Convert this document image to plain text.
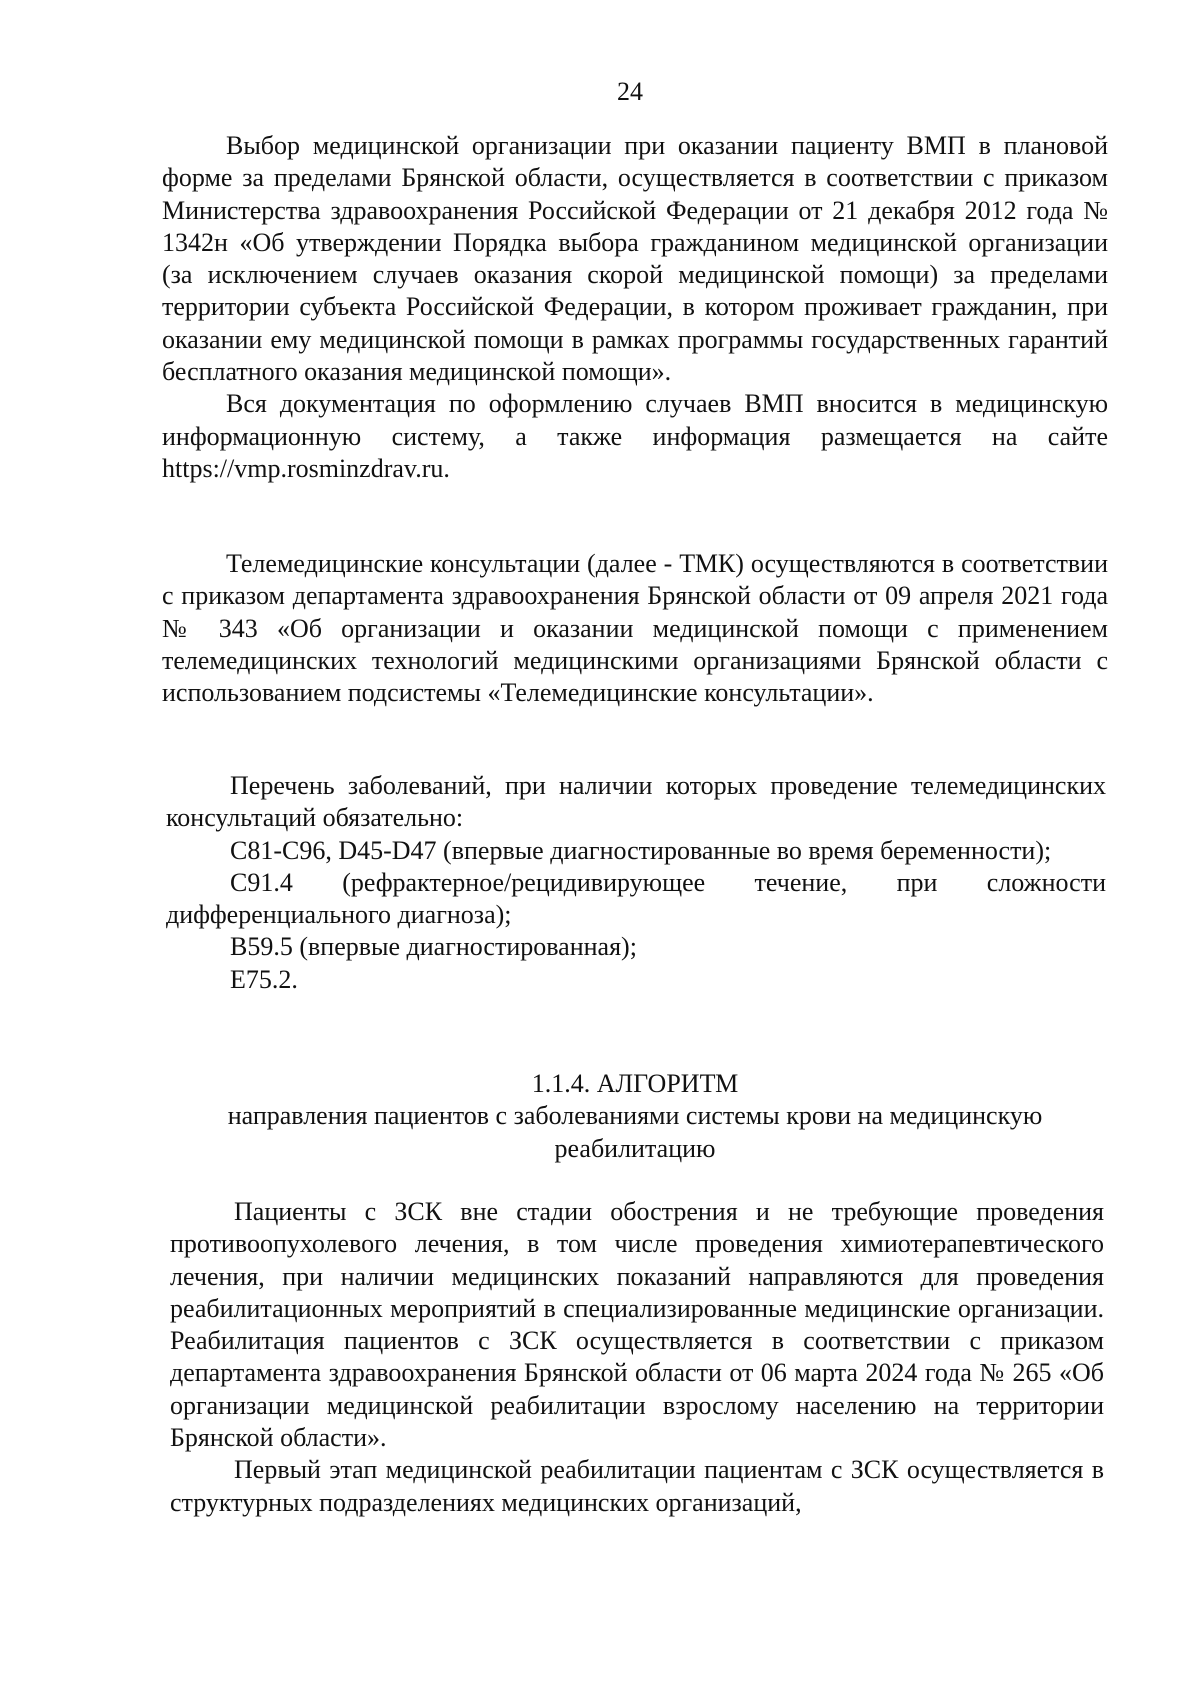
24

Выбор медицинской организации при оказании пациенту ВМП в плановой форме за пределами Брянской области, осуществляется в соответствии с приказом Министерства здравоохранения Российской Федерации от 21 декабря 2012 года № 1342н «Об утверждении Порядка выбора гражданином медицинской организации (за исключением случаев оказания скорой медицинской помощи) за пределами территории субъекта Российской Федерации, в котором проживает гражданин, при оказании ему медицинской помощи в рамках программы государственных гарантий бесплатного оказания медицинской помощи».

Вся документация по оформлению случаев ВМП вносится в медицинскую информационную систему, а также информация размещается на сайте https://vmp.rosminzdrav.ru.

Телемедицинские консультации (далее - ТМК) осуществляются в соответствии с приказом департамента здравоохранения Брянской области от 09 апреля 2021 года № 343 «Об организации и оказании медицинской помощи с применением телемедицинских технологий медицинскими организациями Брянской области с использованием подсистемы «Телемедицинские консультации».

Перечень заболеваний, при наличии которых проведение телемедицинских консультаций обязательно:

C81-C96, D45-D47 (впервые диагностированные во время беременности);

C91.4 (рефрактерное/рецидивирующее течение, при сложности дифференциального диагноза);

B59.5 (впервые диагностированная);

E75.2.

1.1.4. АЛГОРИТМ
направления пациентов с заболеваниями системы крови на медицинскую реабилитацию

Пациенты с ЗСК вне стадии обострения и не требующие проведения противоопухолевого лечения, в том числе проведения химиотерапевтического лечения, при наличии медицинских показаний направляются для проведения реабилитационных мероприятий в специализированные медицинские организации. Реабилитация пациентов с ЗСК осуществляется в соответствии с приказом департамента здравоохранения Брянской области от 06 марта 2024 года № 265 «Об организации медицинской реабилитации взрослому населению на территории Брянской области».

Первый этап медицинской реабилитации пациентам с ЗСК осуществляется в структурных подразделениях медицинских организаций,
